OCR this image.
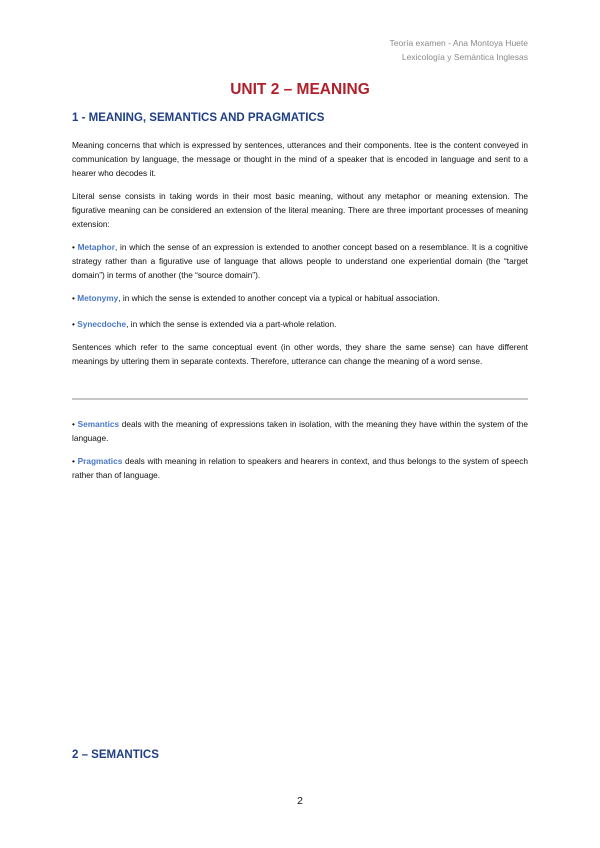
Teoría examen - Ana Montoya Huete
Lexicología y Semántica Inglesas
UNIT 2 – MEANING
1 - MEANING, SEMANTICS AND PRAGMATICS

Meaning concerns that which is expressed by sentences, utterances and their components. Itee is the content conveyed in communication by language, the message or thought in the mind of a speaker that is encoded in language and sent to a hearer who decodes it.

Literal sense consists in taking words in their most basic meaning, without any metaphor or meaning extension. The figurative meaning can be considered an extension of the literal meaning. There are three important processes of meaning extension:

• Metaphor, in which the sense of an expression is extended to another concept based on a resemblance. It is a cognitive strategy rather than a figurative use of language that allows people to understand one experiential domain (the “target domain”) in terms of another (the “source domain”).

• Metonymy, in which the sense is extended to another concept via a typical or habitual association.

• Synecdoche, in which the sense is extended via a part-whole relation.

Sentences which refer to the same conceptual event (in other words, they share the same sense) can have different meanings by uttering them in separate contexts. Therefore, utterance can change the meaning of a word sense.

• Semantics deals with the meaning of expressions taken in isolation, with the meaning they have within the system of the language.

• Pragmatics deals with meaning in relation to speakers and hearers in context, and thus belongs to the system of speech rather than of language.

2 – SEMANTICS
2
